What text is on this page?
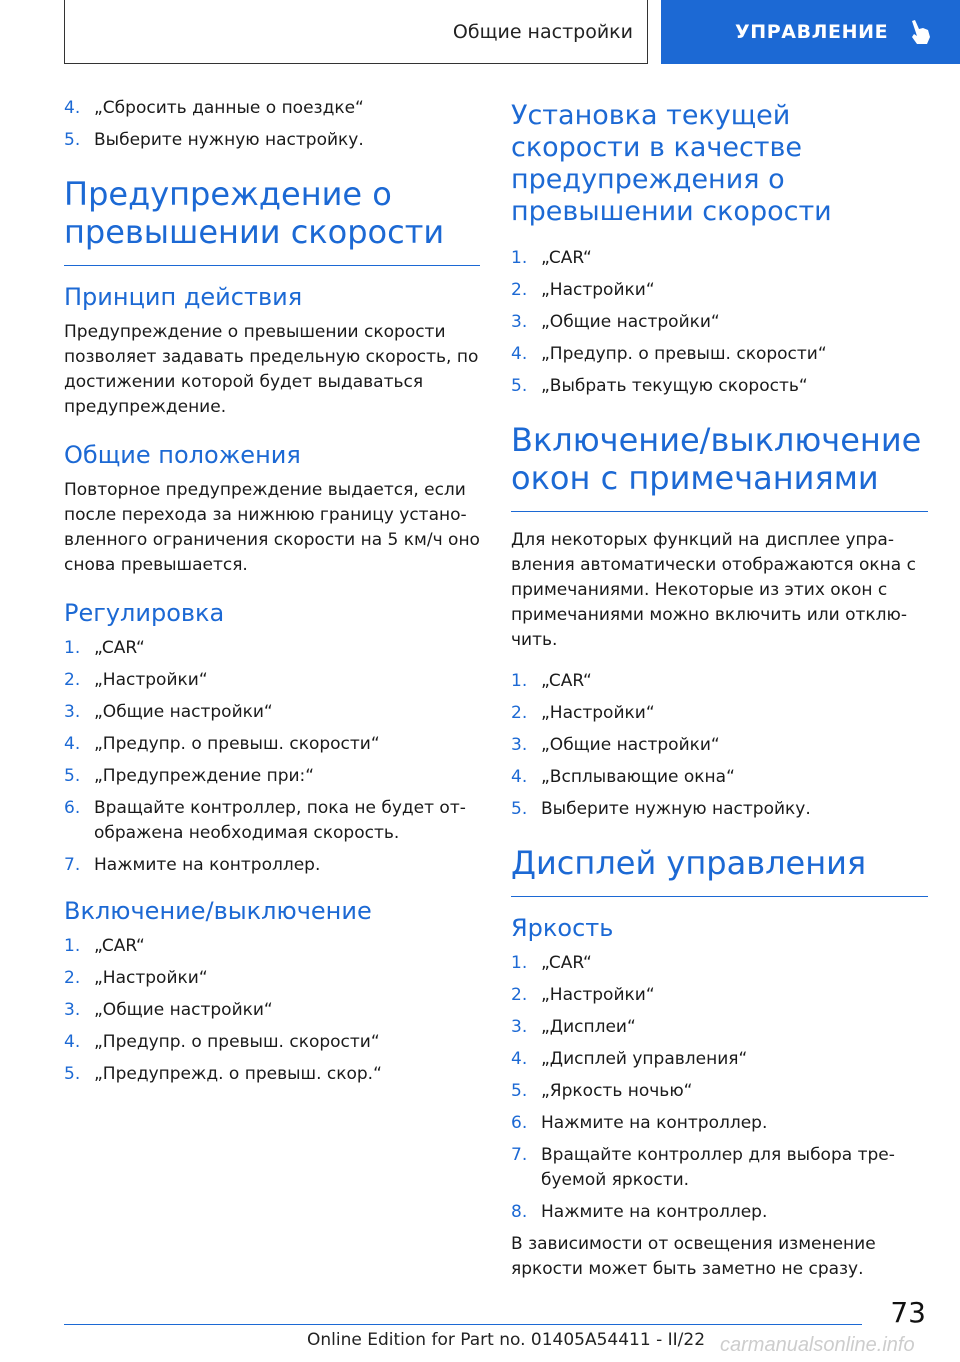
Общие настройки	УПРАВЛЕНИЕ
4. „Сбросить данные о поездке“
5. Выберите нужную настройку.
Предупреждение о превышении скорости
Принцип действия

Предупреждение о превышении скорости позволяет задавать предельную скорость, по достижении которой будет выдаваться предупреждение.

Общие положения

Повторное предупреждение выдается, если после перехода за нижнюю границу установленного ограничения скорости на 5 км/ч оно снова превышается.

Регулировка
1. „CAR“
2. „Настройки“
3. „Общие настройки“
4. „Предупр. о превыш. скорости“
5. „Предупреждение при:“
6. Вращайте контроллер, пока не будет отображена необходимая скорость.
7. Нажмите на контроллер.
Включение/выключение
1. „CAR“
2. „Настройки“
3. „Общие настройки“
4. „Предупр. о превыш. скорости“
5. „Предупрежд. о превыш. скор.“
Установка текущей скорости в качестве предупреждения о превышении скорости
1. „CAR“
2. „Настройки“
3. „Общие настройки“
4. „Предупр. о превыш. скорости“
5. „Выбрать текущую скорость“
Включение/выключение окон с примечаниями

Для некоторых функций на дисплее управления автоматически отображаются окна с примечаниями. Некоторые из этих окон с примечаниями можно включить или отключить.

1. „CAR“
2. „Настройки“
3. „Общие настройки“
4. „Всплывающие окна“
5. Выберите нужную настройку.
Дисплей управления
Яркость
1. „CAR“
2. „Настройки“
3. „Дисплеи“
4. „Дисплей управления“
5. „Яркость ночью“
6. Нажмите на контроллер.
7. Вращайте контроллер для выбора требуемой яркости.
8. Нажмите на контроллер.

В зависимости от освещения изменение яркости может быть заметно не сразу.

73
Online Edition for Part no. 01405A54411 - II/22 carmanualsonline.info
